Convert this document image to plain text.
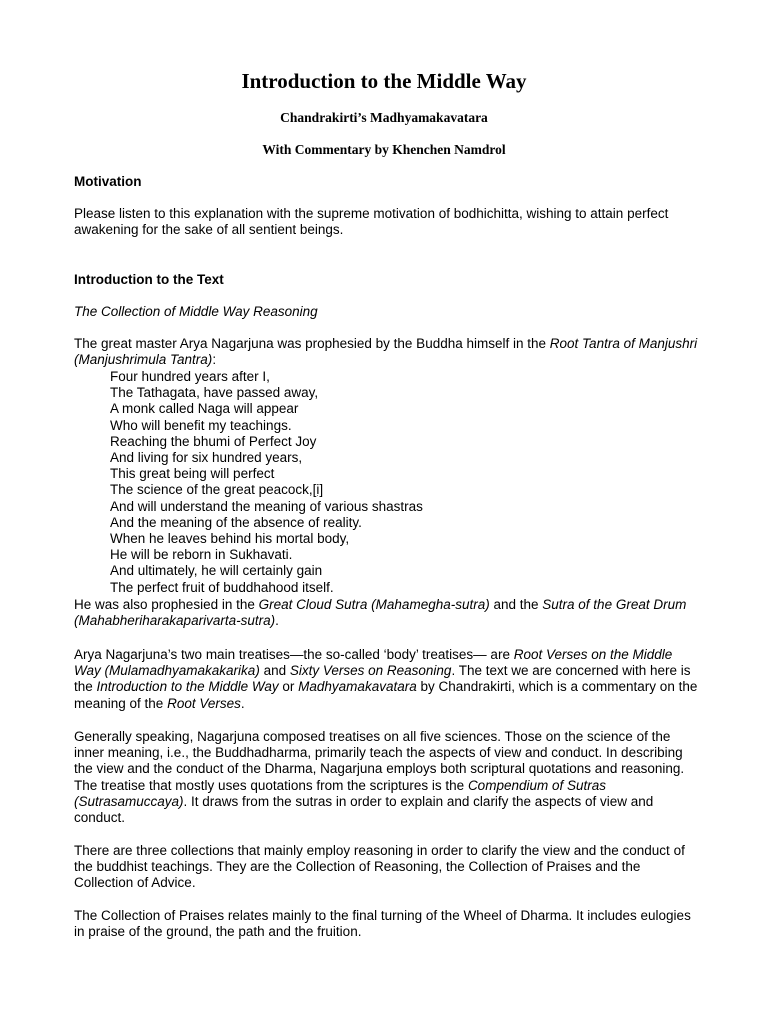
Introduction to the Middle Way

Chandrakirti’s Madhyamakavatara

With Commentary by Khenchen Namdrol

Motivation

Please listen to this explanation with the supreme motivation of bodhichitta, wishing to attain perfect awakening for the sake of all sentient beings.

Introduction to the Text

The Collection of Middle Way Reasoning

The great master Arya Nagarjuna was prophesied by the Buddha himself in the Root Tantra of Manjushri (Manjushrimula Tantra):

Four hundred years after I,
The Tathagata, have passed away,
A monk called Naga will appear
Who will benefit my teachings.
Reaching the bhumi of Perfect Joy
And living for six hundred years,
This great being will perfect
The science of the great peacock,[i]
And will understand the meaning of various shastras
And the meaning of the absence of reality.
When he leaves behind his mortal body,
He will be reborn in Sukhavati.
And ultimately, he will certainly gain
The perfect fruit of buddhahood itself.

He was also prophesied in the Great Cloud Sutra (Mahamegha-sutra) and the Sutra of the Great Drum (Mahabheriharakaparivarta-sutra).

Arya Nagarjuna’s two main treatises—the so-called ‘body’ treatises— are Root Verses on the Middle Way (Mulamadhyamakakarika) and Sixty Verses on Reasoning. The text we are concerned with here is the Introduction to the Middle Way or Madhyamakavatara by Chandrakirti, which is a commentary on the meaning of the Root Verses.

Generally speaking, Nagarjuna composed treatises on all five sciences. Those on the science of the inner meaning, i.e., the Buddhadharma, primarily teach the aspects of view and conduct. In describing the view and the conduct of the Dharma, Nagarjuna employs both scriptural quotations and reasoning. The treatise that mostly uses quotations from the scriptures is the Compendium of Sutras (Sutrasamuccaya). It draws from the sutras in order to explain and clarify the aspects of view and conduct.

There are three collections that mainly employ reasoning in order to clarify the view and the conduct of the buddhist teachings. They are the Collection of Reasoning, the Collection of Praises and the Collection of Advice.

The Collection of Praises relates mainly to the final turning of the Wheel of Dharma. It includes eulogies in praise of the ground, the path and the fruition.
